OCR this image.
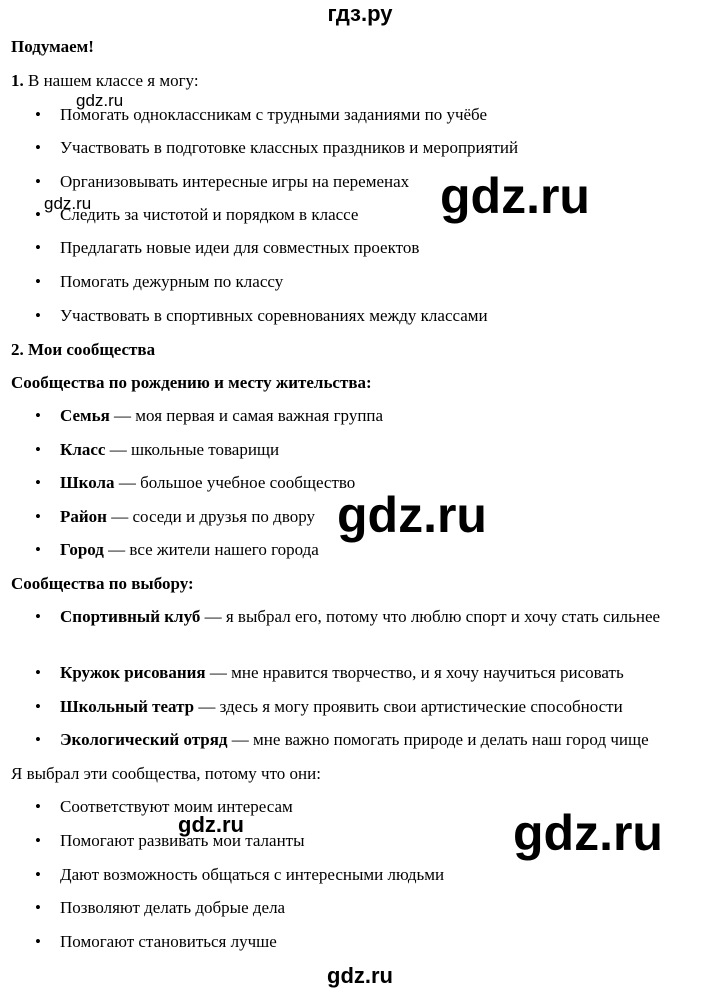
гдз.ру
Подумаем!
1. В нашем классе я могу:
• Помогать одноклассникам с трудными заданиями по учёбе
• Участвовать в подготовке классных праздников и мероприятий
• Организовывать интересные игры на переменах
• Следить за чистотой и порядком в классе
• Предлагать новые идеи для совместных проектов
• Помогать дежурным по классу
• Участвовать в спортивных соревнованиях между классами
2. Мои сообщества
Сообщества по рождению и месту жительства:
• Семья — моя первая и самая важная группа
• Класс — школьные товарищи
• Школа — большое учебное сообщество
• Район — соседи и друзья по двору
• Город — все жители нашего города
Сообщества по выбору:
• Спортивный клуб — я выбрал его, потому что люблю спорт и хочу стать сильнее
• Кружок рисования — мне нравится творчество, и я хочу научиться рисовать
• Школьный театр — здесь я могу проявить свои артистические способности
• Экологический отряд — мне важно помогать природе и делать наш город чище
Я выбрал эти сообщества, потому что они:
• Соответствуют моим интересам
• Помогают развивать мои таланты
• Дают возможность общаться с интересными людьми
• Позволяют делать добрые дела
• Помогают становиться лучше
gdz.ru
gdz.ru	gdz.ru
gdz.ru
gdz.ru	gdz.ru
gdz.ru
